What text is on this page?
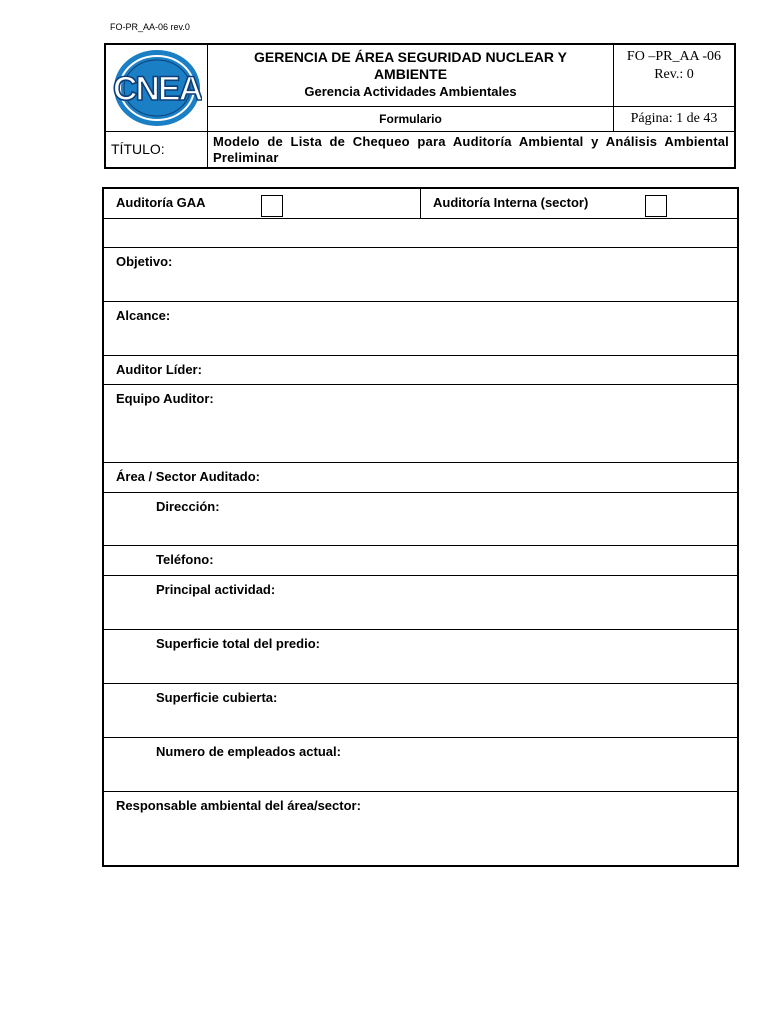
FO-PR_AA-06 rev.0
CNEA
GERENCIA DE ÁREA SEGURIDAD NUCLEAR Y AMBIENTE
Gerencia Actividades Ambientales
FO –PR_AA -06
Rev.: 0
Formulario	Página: 1 de 43
TÍTULO:	Modelo de Lista de Chequeo para Auditoría Ambiental y Análisis Ambiental Preliminar
Auditoría GAA	Auditoría Interna (sector)
Objetivo:
Alcance:
Auditor Líder:
Equipo Auditor:
Área / Sector Auditado:
Dirección:
Teléfono:
Principal actividad:
Superficie total del predio:
Superficie cubierta:
Numero de empleados actual:
Responsable ambiental del área/sector:
